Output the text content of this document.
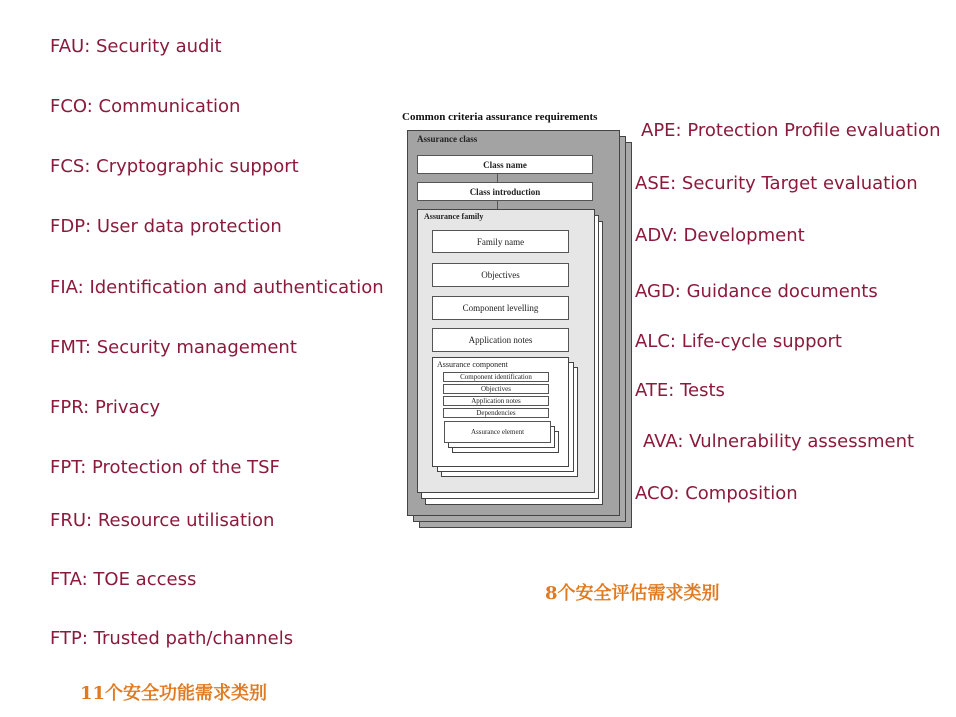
FAU: Security audit
FCO: Communication
FCS: Cryptographic support
FDP: User data protection
FIA: Identification and authentication
FMT: Security management
FPR: Privacy
FPT: Protection of the TSF
FRU: Resource utilisation
FTA: TOE access
FTP: Trusted path/channels
11个安全功能需求类别
APE: Protection Profile evaluation
ASE: Security Target evaluation
ADV: Development
AGD: Guidance documents
ALC: Life-cycle support
ATE: Tests
AVA: Vulnerability assessment
ACO: Composition
8个安全评估需求类别
Common criteria assurance requirements
Assurance class
Class name
Class introduction
Assurance family
Family name
Objectives
Component levelling
Application notes
Assurance component
Component identification
Objectives
Application notes
Dependencies
Assurance element
